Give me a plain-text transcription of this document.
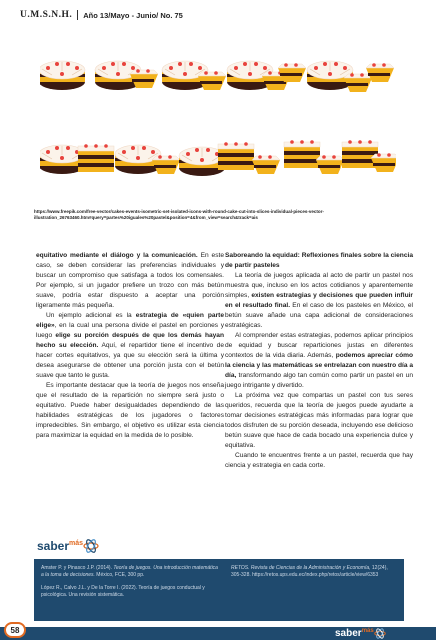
U.M.S.N.H. Año 13/Mayo - Junio/ No. 75
https://www.freepik.com/free-vector/cakes-events-isometric-set-isolated-icons-with-round-cake-cut-into-slices-individual-pieces-vector-illustration_26763460.htm#query=partes%20iguales%20pastel&position=4&from_view=search&track=ais

equitativo mediante el diálogo y la comunicación. En este caso, se deben considerar las preferencias individuales y buscar un compromiso que satisfaga a todos los comensales. Por ejemplo, si un jugador prefiere un trozo con más betún suave, podría estar dispuesto a aceptar una porción ligeramente más pequeña.

Un ejemplo adicional es la estrategia de «quien parte elige», en la cual una persona divide el pastel en porciones y luego elige su porción después de que los demás hayan hecho su elección. Aquí, el repartidor tiene el incentivo de hacer cortes equitativos, ya que su elección será la última y desea asegurarse de obtener una porción justa con el betún suave que tanto le gusta.

Es importante destacar que la teoría de juegos nos enseña que el resultado de la repartición no siempre será justo o equitativo. Puede haber desigualdades dependiendo de las habilidades estratégicas de los jugadores o factores impredecibles. Sin embargo, el objetivo es utilizar esta ciencia para maximizar la equidad en la medida de lo posible.

Saboreando la equidad: Reflexiones finales sobre la ciencia de partir pasteles

La teoría de juegos aplicada al acto de partir un pastel nos muestra que, incluso en los actos cotidianos y aparentemente simples, existen estrategias y decisiones que pueden influir en el resultado final. En el caso de los pasteles en México, el betún suave añade una capa adicional de consideraciones estratégicas.

Al comprender estas estrategias, podemos aplicar principios de equidad y buscar reparticiones justas en diferentes contextos de la vida diaria. Además, podemos apreciar cómo la ciencia y las matemáticas se entrelazan con nuestro día a día, transformando algo tan común como partir un pastel en un juego intrigante y divertido.

La próxima vez que compartas un pastel con tus seres queridos, recuerda que la teoría de juegos puede ayudarte a tomar decisiones estratégicas más informadas para lograr que todos disfruten de su porción deseada, incluyendo ese delicioso betún suave que hace de cada bocado una experiencia dulce y equitativa.

Cuando te encuentres frente a un pastel, recuerda que hay ciencia y estrategia en cada corte.

saber más

Amster P. y Pinasco J.P. (2014). Teoría de juegos. Una introducción matemática a la toma de decisiones. México, FCE, 300 pp.

López R., Calvo J.L. y De la Torre I. (2022). Teoría de juegos conductual y psicológica. Una revisión sistemática.

RETOS. Revista de Ciencias de la Administración y Economía, 12(24), 305-328. https://retos.ups.edu.ec/index.php/retos/article/view/6353

58	saber más
